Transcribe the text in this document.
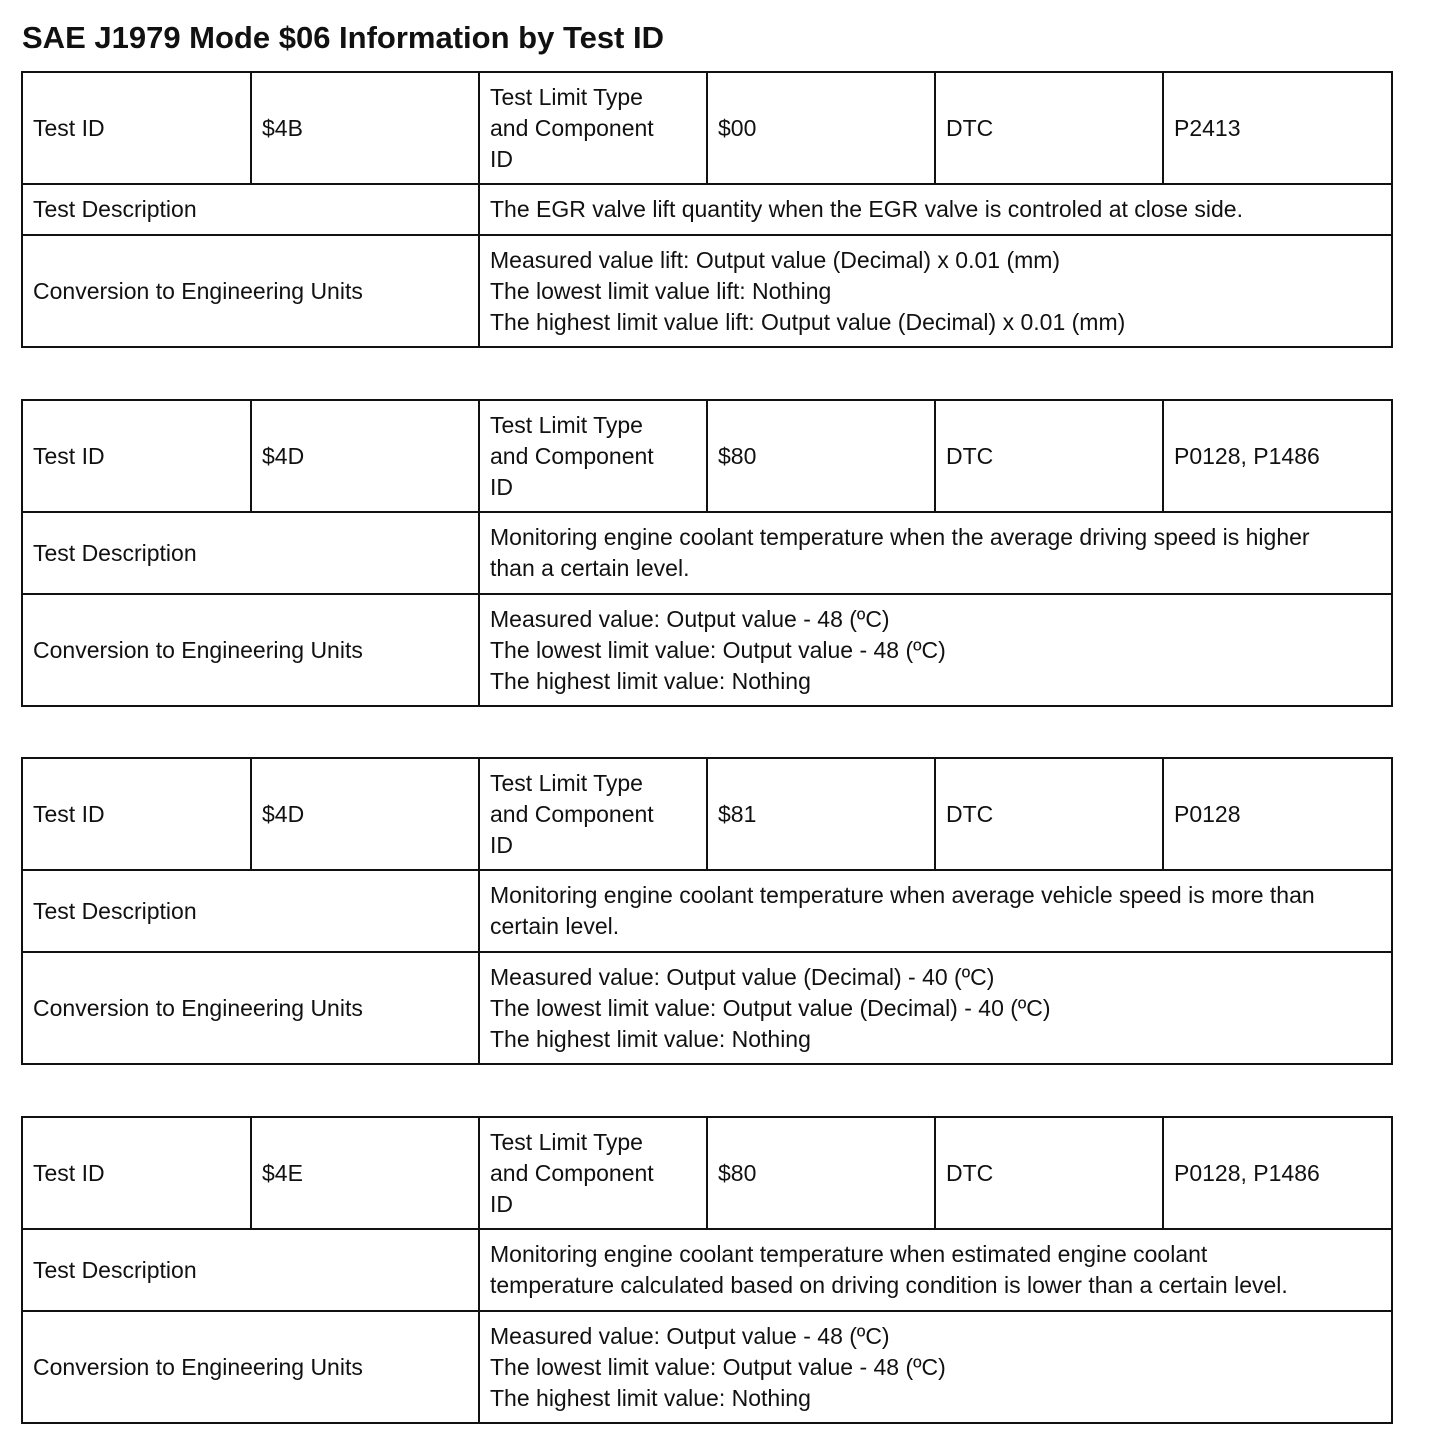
SAE J1979 Mode $06 Information by Test ID
Test ID	$4B	Test Limit Type
and Component
ID	$00	DTC	P2413
Test Description		The EGR valve lift quantity when the EGR valve is controled at close side.			
Conversion to Engineering Units		Measured value lift: Output value (Decimal) x 0.01 (mm)
The lowest limit value lift: Nothing
The highest limit value lift: Output value (Decimal) x 0.01 (mm)			
Test ID	$4D	Test Limit Type
and Component
ID	$80	DTC	P0128, P1486
Test Description		Monitoring engine coolant temperature when the average driving speed is higher
than a certain level.			
Conversion to Engineering Units		Measured value: Output value - 48 (ºC)
The lowest limit value: Output value - 48 (ºC)
The highest limit value: Nothing			
Test ID	$4D	Test Limit Type
and Component
ID	$81	DTC	P0128
Test Description		Monitoring engine coolant temperature when average vehicle speed is more than
certain level.			
Conversion to Engineering Units		Measured value: Output value (Decimal) - 40 (ºC)
The lowest limit value: Output value (Decimal) - 40 (ºC)
The highest limit value: Nothing			
Test ID	$4E	Test Limit Type
and Component
ID	$80	DTC	P0128, P1486
Test Description		Monitoring engine coolant temperature when estimated engine coolant
temperature calculated based on driving condition is lower than a certain level.			
Conversion to Engineering Units		Measured value: Output value - 48 (ºC)
The lowest limit value: Output value - 48 (ºC)
The highest limit value: Nothing			
